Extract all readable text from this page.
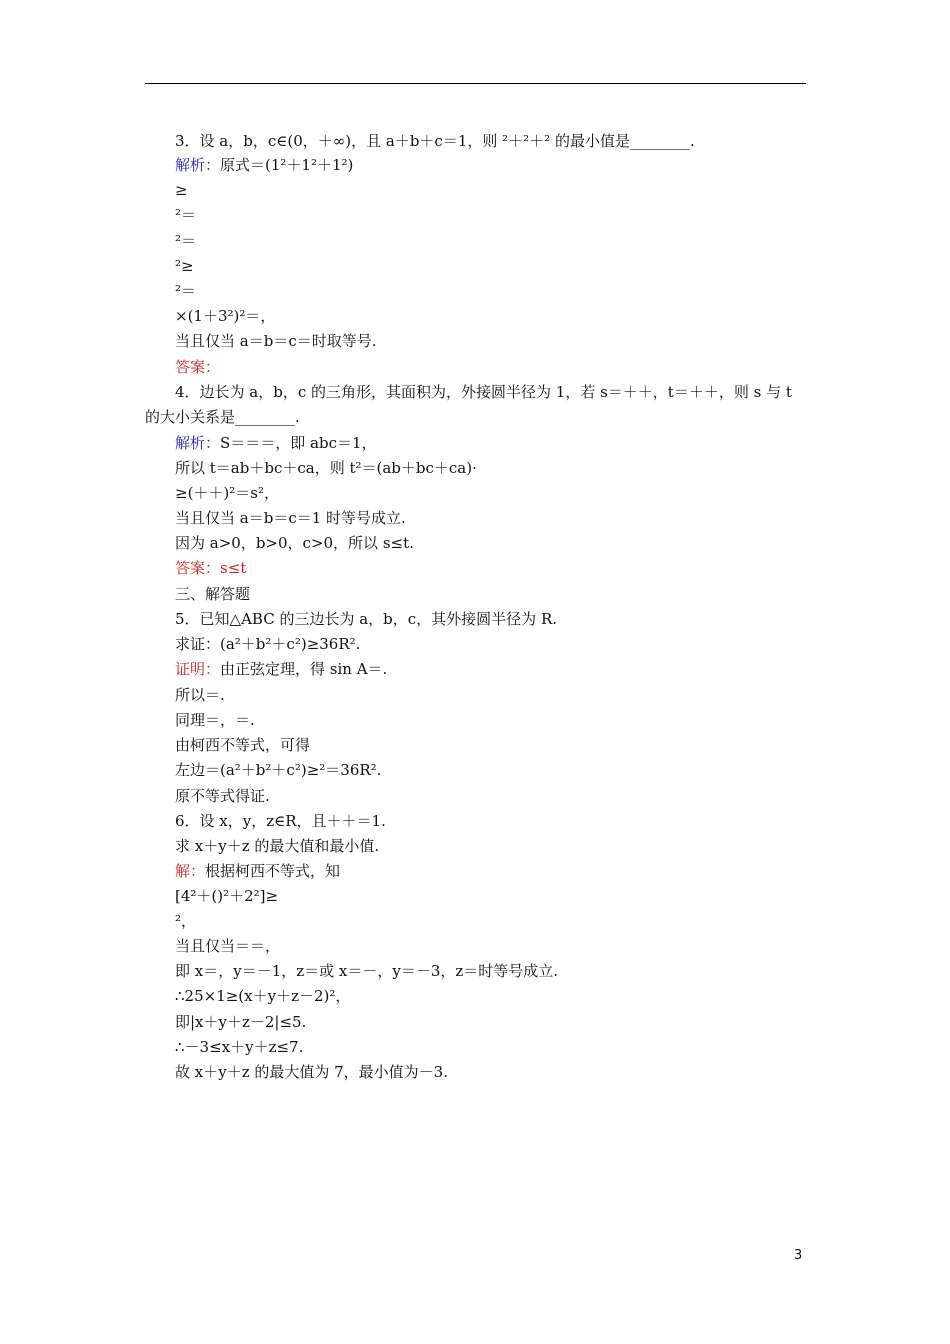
3．设 a，b，c∈(0，＋∞)，且 a＋b＋c＝1，则 ²＋²＋² 的最小值是________.
解析：原式＝(1²＋1²＋1²)
≥
²＝
²＝
²≥
²＝
×(1＋3²)²＝，
当且仅当 a＝b＝c＝时取等号.
答案：
4．边长为 a，b，c 的三角形，其面积为，外接圆半径为 1，若 s＝＋＋，t＝＋＋，则 s 与 t
的大小关系是________.
解析：S＝＝＝，即 abc＝1，
所以 t＝ab＋bc＋ca，则 t²＝(ab＋bc＋ca)·
≥(＋＋)²＝s²，
当且仅当 a＝b＝c＝1 时等号成立.
因为 a>0，b>0，c>0，所以 s≤t.
答案：s≤t
三、解答题
5．已知△ABC 的三边长为 a，b，c，其外接圆半径为 R.
求证：(a²＋b²＋c²)≥36R².
证明：由正弦定理，得 sin A＝.
所以＝.
同理＝，＝.
由柯西不等式，可得
左边＝(a²＋b²＋c²)≥²＝36R².
原不等式得证.
6．设 x，y，z∈R，且＋＋＝1.
求 x＋y＋z 的最大值和最小值.
解：根据柯西不等式，知
[4²＋()²＋2²]≥
²，
当且仅当＝＝，
即 x＝，y＝－1，z＝或 x＝－，y＝－3，z＝时等号成立.
∴25×1≥(x＋y＋z－2)²，
即|x＋y＋z－2|≤5.
∴－3≤x＋y＋z≤7.
故 x＋y＋z 的最大值为 7，最小值为－3.
3
